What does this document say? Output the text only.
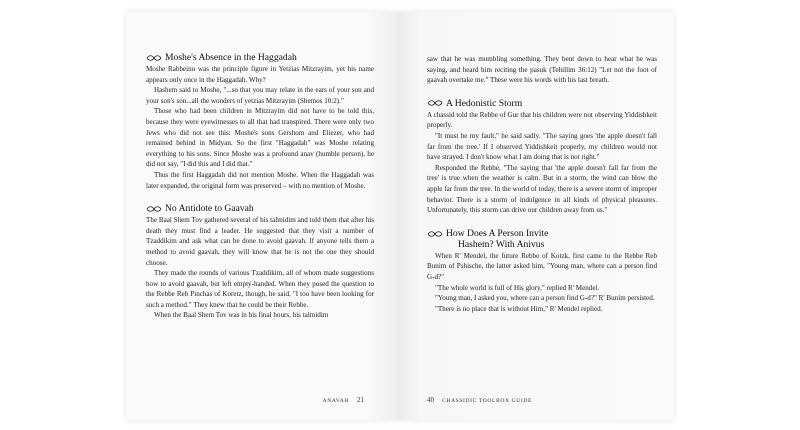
Moshe's Absence in the Haggadah

Moshe Rabbeinu was the principle figure in Yetzias Mitzrayim, yet his name appears only once in the Haggadah. Why?

Hashem said to Moshe, "...so that you may relate in the ears of your son and your son's son...all the wonders of yetzias Mitzrayim (Shemos 10:2)."

Those who had been children in Mitzrayim did not have to be told this, because they were eyewitnesses to all that had transpired. There were only two Jews who did not see this: Moshe's sons Gershom and Eliezer, who had remained behind in Midyan. So the first "Haggadah" was Moshe relating everything to his sons. Since Moshe was a profound anav (humble person), he did not say, "I did this and I did that."

Thus the first Haggadah did not mention Moshe. When the Haggadah was later expanded, the original form was preserved – with no mention of Moshe.

No Antidote to Gaavah

The Baal Shem Tov gathered several of his talmidim and told them that after his death they must find a leader. He suggested that they visit a number of Tzaddikim and ask what can be done to avoid gaavah. If anyone tells them a method to avoid gaavah, they will know that he is not the one they should choose.

They made the rounds of various Tzaddikim, all of whom made suggestions how to avoid gaavah, but left empty-handed. When they posed the question to the Rebbe Reb Pinchas of Koretz, though, he said, "I too have been looking for such a method." They knew that he could be their Rebbe.

When the Baal Shem Tov was in his final hours, his talmidim

ANAVAH 21

saw that he was mumbling something. They bent down to hear what he was saying, and heard him reciting the pasuk (Tehillim 36:12) "Let not the foot of gaavah overtake me." These were his words with his last breath.

A Hedonistic Storm

A chassid told the Rebbe of Gur that his children were not observing Yiddishkeit properly.

"It must be my fault," he said sadly. "The saying goes 'the apple doesn't fall far from the tree.' If I observed Yiddishkeit properly, my children would not have strayed. I don't know what I am doing that is not right."

Responded the Rebbe, "The saying that 'the apple doesn't fall far from the tree' is true when the weather is calm. But in a storm, the wind can blow the apple far from the tree. In the world of today, there is a severe storm of improper behavior. There is a storm of indulgence in all kinds of physical pleasures. Unfortunately, this storm can drive our children away from us."

How Does A Person Invite
Hashem? With Anivus

When R' Mendel, the future Rebbe of Kotzk, first came to the Rebbe Reb Bunim of Pshische, the latter asked him, "Young man, where can a person find G-d?"

"The whole world is full of His glory," replied R' Mendel.

"Young man, I asked you, where can a person find G-d?" R' Bunim persisted.

"There is no place that is without Him," R' Mendel replied.

40 CHASSIDIC TOOLBOX GUIDE
